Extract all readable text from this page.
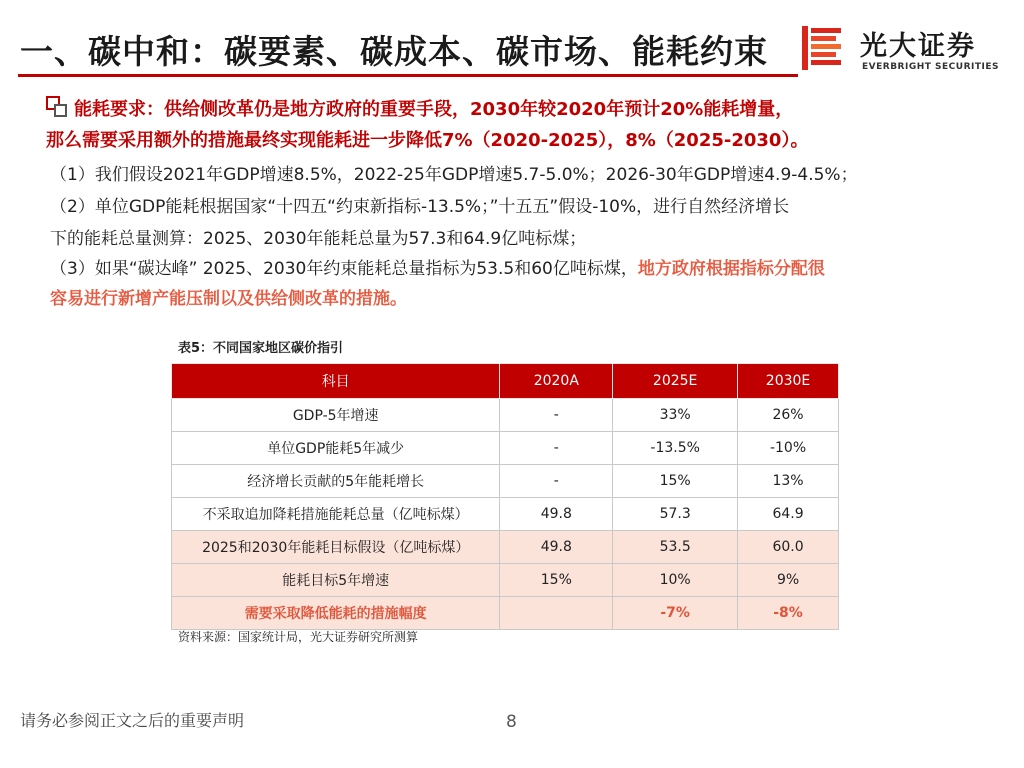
一、碳中和：碳要素、碳成本、碳市场、能耗约束	光大证券
EVERBRIGHT SECURITIES
能耗要求：供给侧改革仍是地方政府的重要手段，2030年较2020年预计20%能耗增量，
那么需要采用额外的措施最终实现能耗进一步降低7%（2020-2025），8%（2025-2030）。
（1）我们假设2021年GDP增速8.5%，2022-25年GDP增速5.7-5.0%；2026-30年GDP增速4.9-4.5%；
（2）单位GDP能耗根据国家“十四五“约束新指标-13.5%；”十五五”假设-10%，进行自然经济增长
下的能耗总量测算：2025、2030年能耗总量为57.3和64.9亿吨标煤；
（3）如果“碳达峰” 2025、2030年约束能耗总量指标为53.5和60亿吨标煤，地方政府根据指标分配很
容易进行新增产能压制以及供给侧改革的措施。
表5：不同国家地区碳价指引
科目	2020A	2025E	2030E
GDP-5年增速	-	33%	26%
单位GDP能耗5年减少	-	-13.5%	-10%
经济增长贡献的5年能耗增长	-	15%	13%
不采取追加降耗措施能耗总量（亿吨标煤）	49.8	57.3	64.9
2025和2030年能耗目标假设（亿吨标煤）	49.8	53.5	60.0
能耗目标5年增速	15%	10%	9%
需要采取降低能耗的措施幅度		-7%	-8%
资料来源：国家统计局，光大证券研究所测算
请务必参阅正文之后的重要声明	8
